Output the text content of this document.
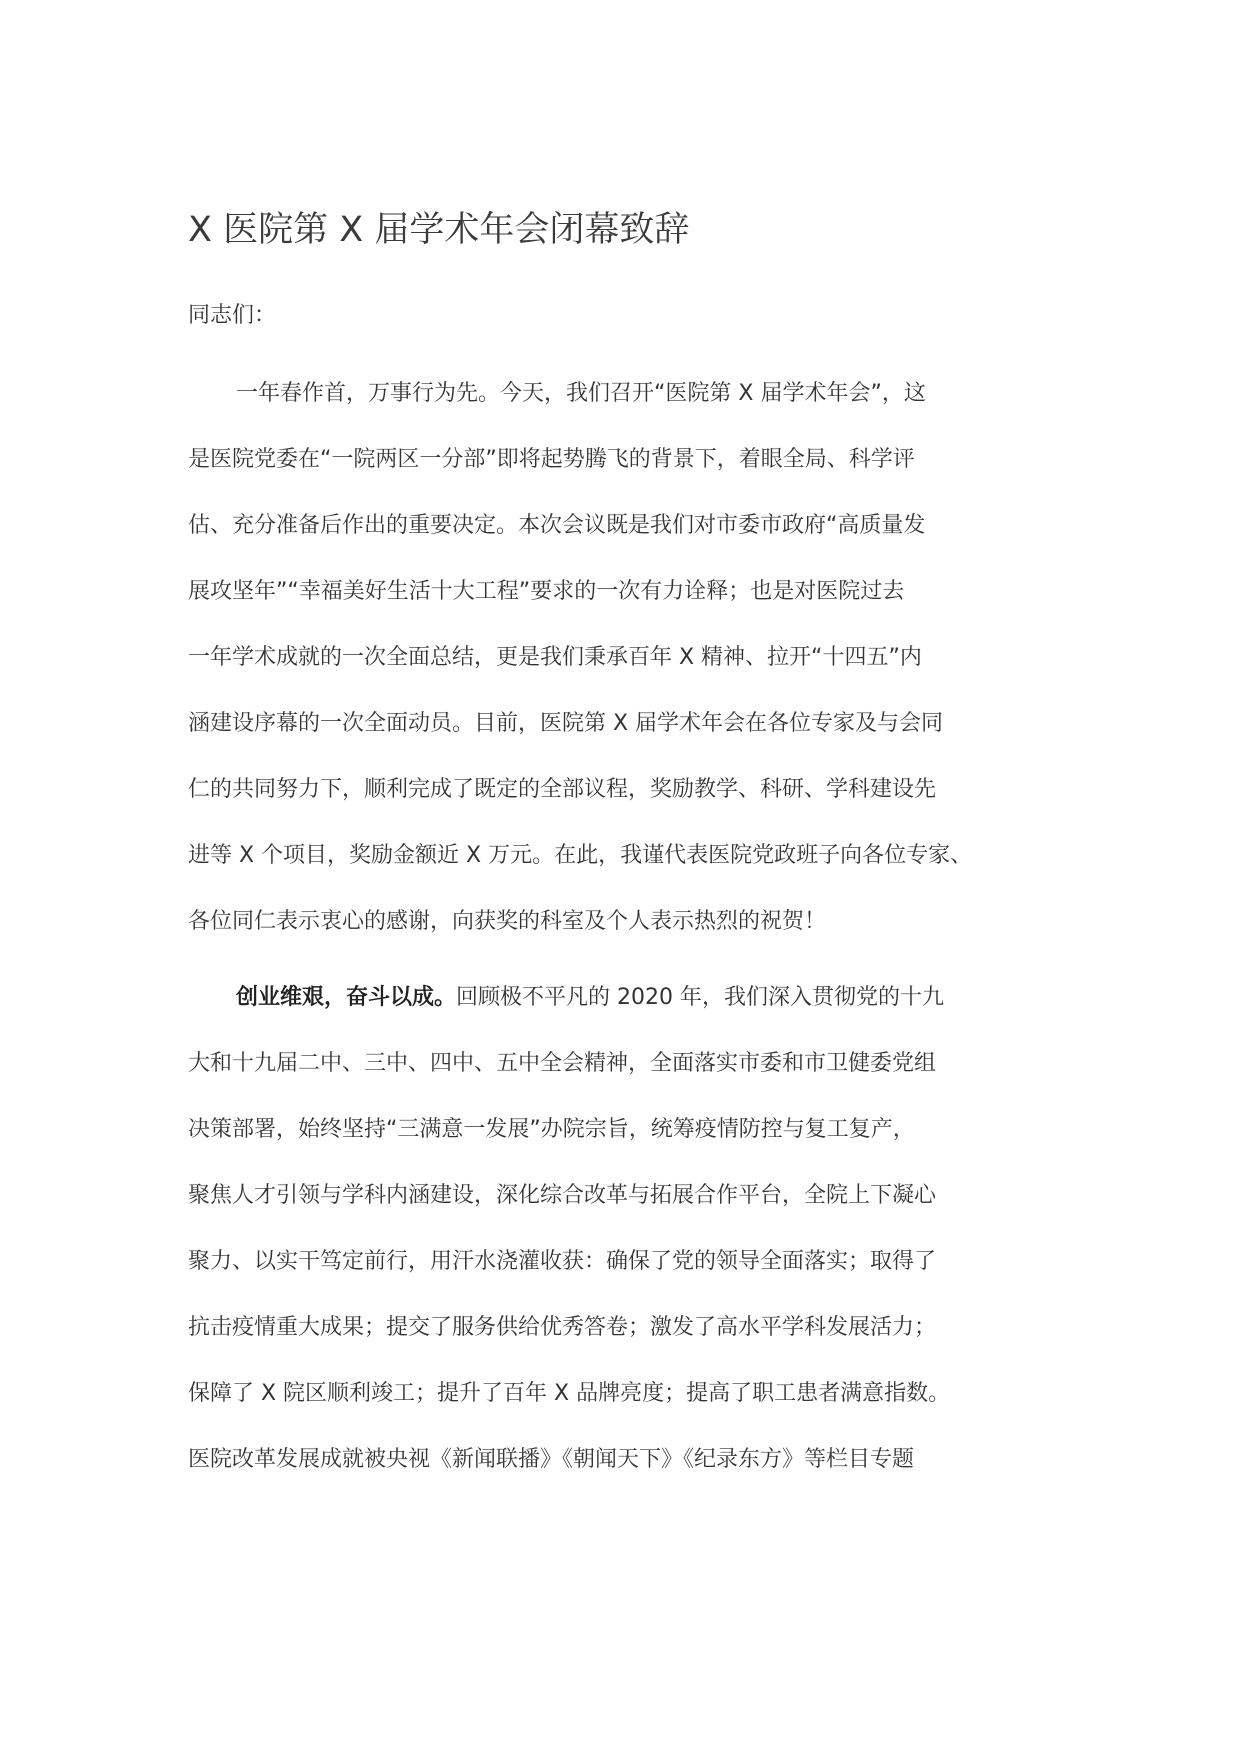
X 医院第 X 届学术年会闭幕致辞
同志们：
一年春作首，万事行为先。今天，我们召开“医院第 X 届学术年会”，这
是医院党委在“一院两区一分部”即将起势腾飞的背景下，着眼全局、科学评
估、充分准备后作出的重要决定。本次会议既是我们对市委市政府“高质量发
展攻坚年”“幸福美好生活十大工程”要求的一次有力诠释；也是对医院过去
一年学术成就的一次全面总结，更是我们秉承百年 X 精神、拉开“十四五”内
涵建设序幕的一次全面动员。目前，医院第 X 届学术年会在各位专家及与会同
仁的共同努力下，顺利完成了既定的全部议程，奖励教学、科研、学科建设先
进等 X 个项目，奖励金额近 X 万元。在此，我谨代表医院党政班子向各位专家、
各位同仁表示衷心的感谢，向获奖的科室及个人表示热烈的祝贺！
创业维艰，奋斗以成。回顾极不平凡的 2020 年，我们深入贯彻党的十九
大和十九届二中、三中、四中、五中全会精神，全面落实市委和市卫健委党组
决策部署，始终坚持“三满意一发展”办院宗旨，统筹疫情防控与复工复产，
聚焦人才引领与学科内涵建设，深化综合改革与拓展合作平台，全院上下凝心
聚力、以实干笃定前行，用汗水浇灌收获：确保了党的领导全面落实；取得了
抗击疫情重大成果；提交了服务供给优秀答卷；激发了高水平学科发展活力；
保障了 X 院区顺利竣工；提升了百年 X 品牌亮度；提高了职工患者满意指数。
医院改革发展成就被央视《新闻联播》《朝闻天下》《纪录东方》等栏目专题
